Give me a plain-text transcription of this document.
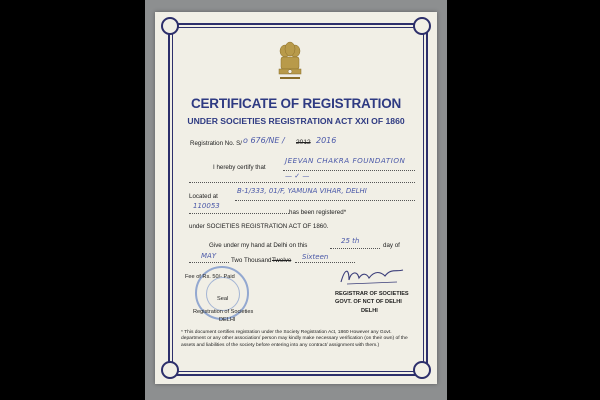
CERTIFICATE OF REGISTRATION
UNDER SOCIETIES REGISTRATION ACT XXI OF 1860
Registration No. S/ o 676/NE / 2012 2016
I hereby certify that
JEEVAN CHAKRA FOUNDATION
— ✓ —
Located at
B-1/333, 01/F, YAMUNA VIHAR, DELHI
110053
has been registered*
under SOCIETIES REGISTRATION ACT OF 1860.
Give under my hand at Delhi on this
25 th
day of
MAY
Two Thousand Twelve Sixteen
Fee of Rs. 50/- Paid
Seal
Registration of Societies
DELHI
REGISTRAR OF SOCIETIES
GOVT. OF NCT OF DELHI
DELHI
* This document certifies registration under the Society Registration Act, 1860 However any Govt. department or any other association/ person may kindly make necessary verification (on their own) of the assets and liabilities of the society before entering into any contract/ assignment with them.)
